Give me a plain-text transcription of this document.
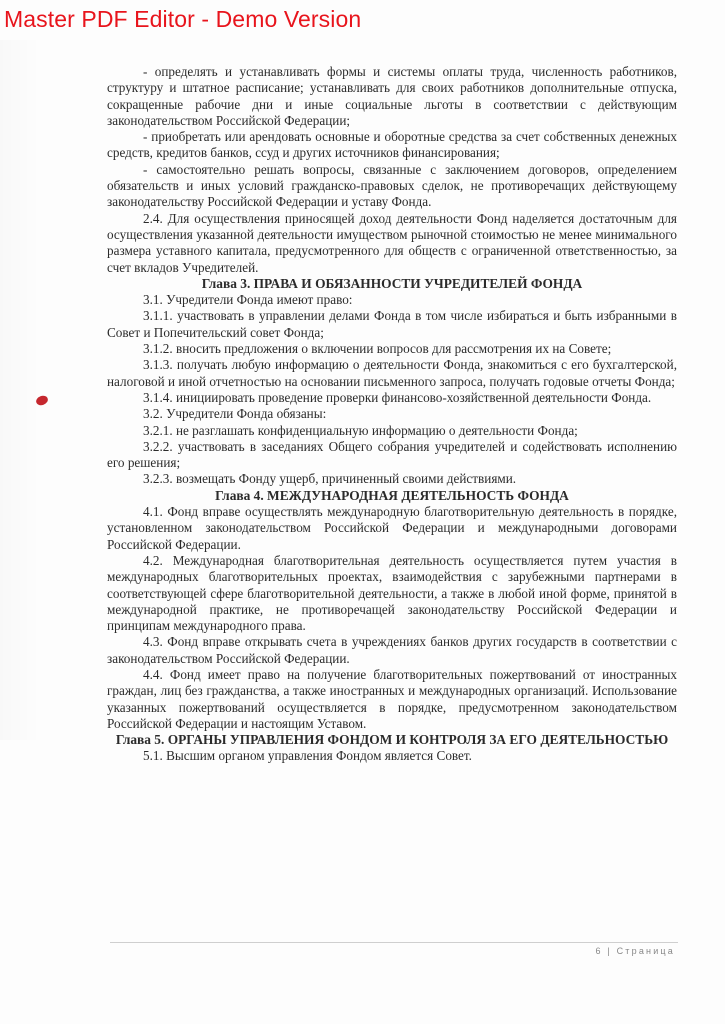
Master PDF Editor - Demo Version

- определять и устанавливать формы и системы оплаты труда, численность работников, структуру и штатное расписание; устанавливать для своих работников дополнительные отпуска, сокращенные рабочие дни и иные социальные льготы в соответствии с действующим законодательством Российской Федерации;

- приобретать или арендовать основные и оборотные средства за счет собственных денежных средств, кредитов банков, ссуд и других источников финансирования;

- самостоятельно решать вопросы, связанные с заключением договоров, определением обязательств и иных условий гражданско-правовых сделок, не противоречащих действующему законодательству Российской Федерации и уставу Фонда.

2.4. Для осуществления приносящей доход деятельности Фонд наделяется достаточным для осуществления указанной деятельности имуществом рыночной стоимостью не менее минимального размера уставного капитала, предусмотренного для обществ с ограниченной ответственностью, за счет вкладов Учредителей.

Глава 3. ПРАВА И ОБЯЗАННОСТИ УЧРЕДИТЕЛЕЙ ФОНДА

3.1. Учредители Фонда имеют право:

3.1.1. участвовать в управлении делами Фонда в том числе избираться и быть избранными в Совет и Попечительский совет Фонда;

3.1.2. вносить предложения о включении вопросов для рассмотрения их на Совете;

3.1.3. получать любую информацию о деятельности Фонда, знакомиться с его бухгалтерской, налоговой и иной отчетностью на основании письменного запроса, получать годовые отчеты Фонда;

3.1.4. инициировать проведение проверки финансово-хозяйственной деятельности Фонда.

3.2. Учредители Фонда обязаны:

3.2.1. не разглашать конфиденциальную информацию о деятельности Фонда;

3.2.2. участвовать в заседаниях Общего собрания учредителей и содействовать исполнению его решения;

3.2.3. возмещать Фонду ущерб, причиненный своими действиями.

Глава 4. МЕЖДУНАРОДНАЯ ДЕЯТЕЛЬНОСТЬ ФОНДА

4.1. Фонд вправе осуществлять международную благотворительную деятельность в порядке, установленном законодательством Российской Федерации и международными договорами Российской Федерации.

4.2. Международная благотворительная деятельность осуществляется путем участия в международных благотворительных проектах, взаимодействия с зарубежными партнерами в соответствующей сфере благотворительной деятельности, а также в любой иной форме, принятой в международной практике, не противоречащей законодательству Российской Федерации и принципам международного права.

4.3. Фонд вправе открывать счета в учреждениях банков других государств в соответствии с законодательством Российской Федерации.

4.4. Фонд имеет право на получение благотворительных пожертвований от иностранных граждан, лиц без гражданства, а также иностранных и международных организаций. Использование указанных пожертвований осуществляется в порядке, предусмотренном законодательством Российской Федерации и настоящим Уставом.

Глава 5. ОРГАНЫ УПРАВЛЕНИЯ ФОНДОМ И КОНТРОЛЯ ЗА ЕГО ДЕЯТЕЛЬНОСТЬЮ

5.1. Высшим органом управления Фондом является Совет.

6 | Страница
